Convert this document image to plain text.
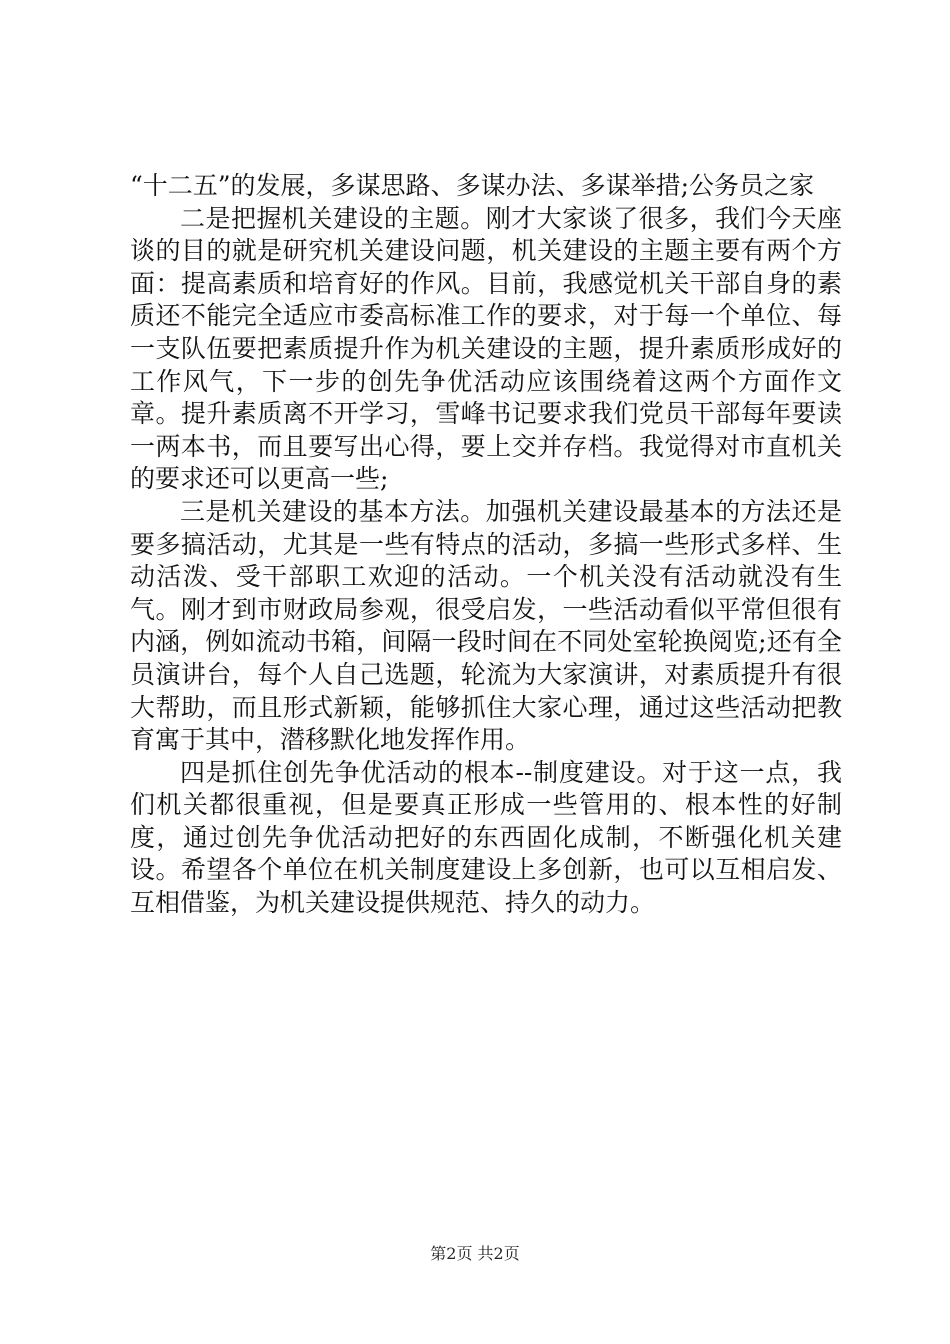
“十二五”的发展，多谋思路、多谋办法、多谋举措;公务员之家

二是把握机关建设的主题。刚才大家谈了很多，我们今天座谈的目的就是研究机关建设问题，机关建设的主题主要有两个方面：提高素质和培育好的作风。目前，我感觉机关干部自身的素质还不能完全适应市委高标准工作的要求，对于每一个单位、每一支队伍要把素质提升作为机关建设的主题，提升素质形成好的工作风气，下一步的创先争优活动应该围绕着这两个方面作文章。提升素质离不开学习，雪峰书记要求我们党员干部每年要读一两本书，而且要写出心得，要上交并存档。我觉得对市直机关的要求还可以更高一些;

三是机关建设的基本方法。加强机关建设最基本的方法还是要多搞活动，尤其是一些有特点的活动，多搞一些形式多样、生动活泼、受干部职工欢迎的活动。一个机关没有活动就没有生气。刚才到市财政局参观，很受启发，一些活动看似平常但很有内涵，例如流动书箱，间隔一段时间在不同处室轮换阅览;还有全员演讲台，每个人自己选题，轮流为大家演讲，对素质提升有很大帮助，而且形式新颖，能够抓住大家心理，通过这些活动把教育寓于其中，潜移默化地发挥作用。

四是抓住创先争优活动的根本--制度建设。对于这一点，我们机关都很重视，但是要真正形成一些管用的、根本性的好制度，通过创先争优活动把好的东西固化成制，不断强化机关建设。希望各个单位在机关制度建设上多创新，也可以互相启发、互相借鉴，为机关建设提供规范、持久的动力。

第2页 共2页
